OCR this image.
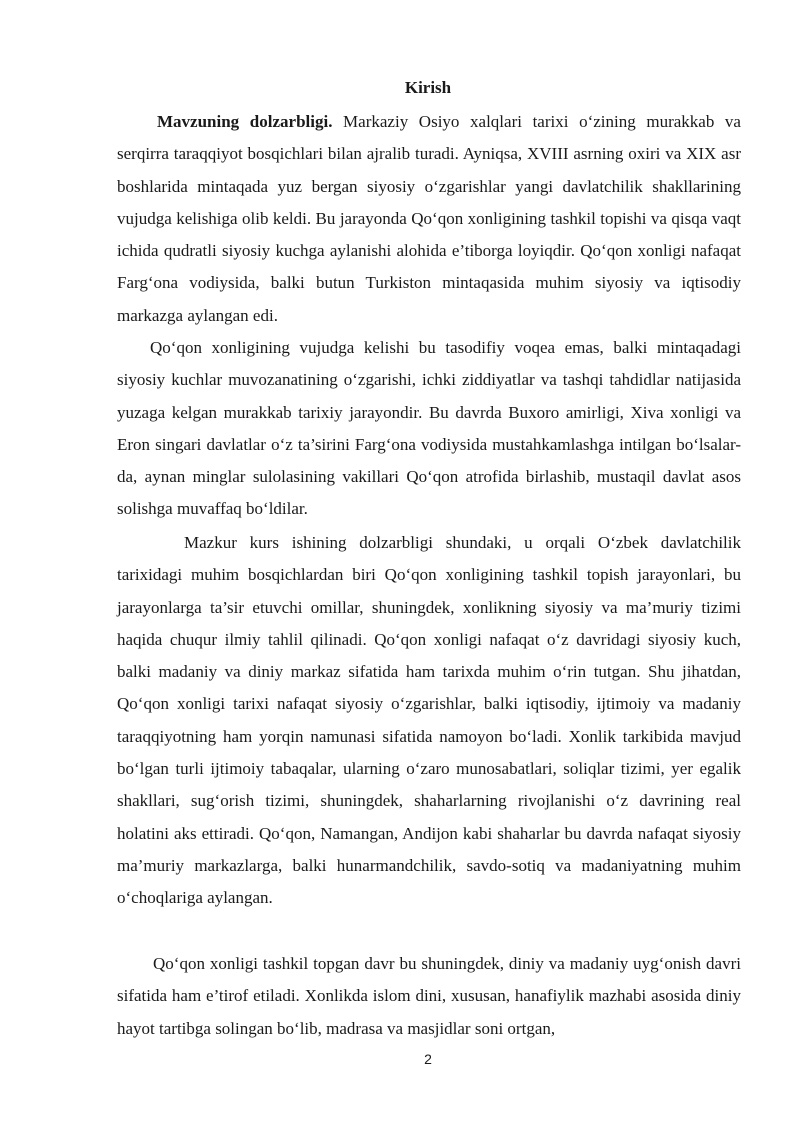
Kirish

Mavzuning dolzarbligi. Markaziy Osiyo xalqlari tarixi o‘zining murakkab va serqirra taraqqiyot bosqichlari bilan ajralib turadi. Ayniqsa, XVIII asrning oxiri va XIX asr boshlarida mintaqada yuz bergan siyosiy o‘zgarishlar yangi davlatchilik shakllarining vujudga kelishiga olib keldi. Bu jarayonda Qo‘qon xonligining tashkil topishi va qisqa vaqt ichida qudratli siyosiy kuchga aylanishi alohida e’tiborga loyiqdir. Qo‘qon xonligi nafaqat Farg‘ona vodiysida, balki butun Turkiston mintaqasida muhim siyosiy va iqtisodiy markazga aylangan edi.

Qo‘qon xonligining vujudga kelishi bu tasodifiy voqea emas, balki mintaqadagi siyosiy kuchlar muvozanatining o‘zgarishi, ichki ziddiyatlar va tashqi tahdidlar natijasida yuzaga kelgan murakkab tarixiy jarayondir. Bu davrda Buxoro amirligi, Xiva xonligi va Eron singari davlatlar o‘z ta’sirini Farg‘ona vodiysida mustahkamlashga intilgan bo‘lsalar-da, aynan minglar sulolasining vakillari Qo‘qon atrofida birlashib, mustaqil davlat asos solishga muvaffaq bo‘ldilar.

Mazkur kurs ishining dolzarbligi shundaki, u orqali O‘zbek davlatchilik tarixidagi muhim bosqichlardan biri Qo‘qon xonligining tashkil topish jarayonlari, bu jarayonlarga ta’sir etuvchi omillar, shuningdek, xonlikning siyosiy va ma’muriy tizimi haqida chuqur ilmiy tahlil qilinadi. Qo‘qon xonligi nafaqat o‘z davridagi siyosiy kuch, balki madaniy va diniy markaz sifatida ham tarixda muhim o‘rin tutgan. Shu jihatdan, Qo‘qon xonligi tarixi nafaqat siyosiy o‘zgarishlar, balki iqtisodiy, ijtimoiy va madaniy taraqqiyotning ham yorqin namunasi sifatida namoyon bo‘ladi. Xonlik tarkibida mavjud bo‘lgan turli ijtimoiy tabaqalar, ularning o‘zaro munosabatlari, soliqlar tizimi, yer egalik shakllari, sug‘orish tizimi, shuningdek, shaharlarning rivojlanishi o‘z davrining real holatini aks ettiradi. Qo‘qon, Namangan, Andijon kabi shaharlar bu davrda nafaqat siyosiy ma’muriy markazlarga, balki hunarmandchilik, savdo-sotiq va madaniyatning muhim o‘choqlariga aylangan.

Qo‘qon xonligi tashkil topgan davr bu shuningdek, diniy va madaniy uyg‘onish davri sifatida ham e’tirof etiladi. Xonlikda islom dini, xususan, hanafiylik mazhabi asosida diniy hayot tartibga solingan bo‘lib, madrasa va masjidlar soni ortgan,

2
